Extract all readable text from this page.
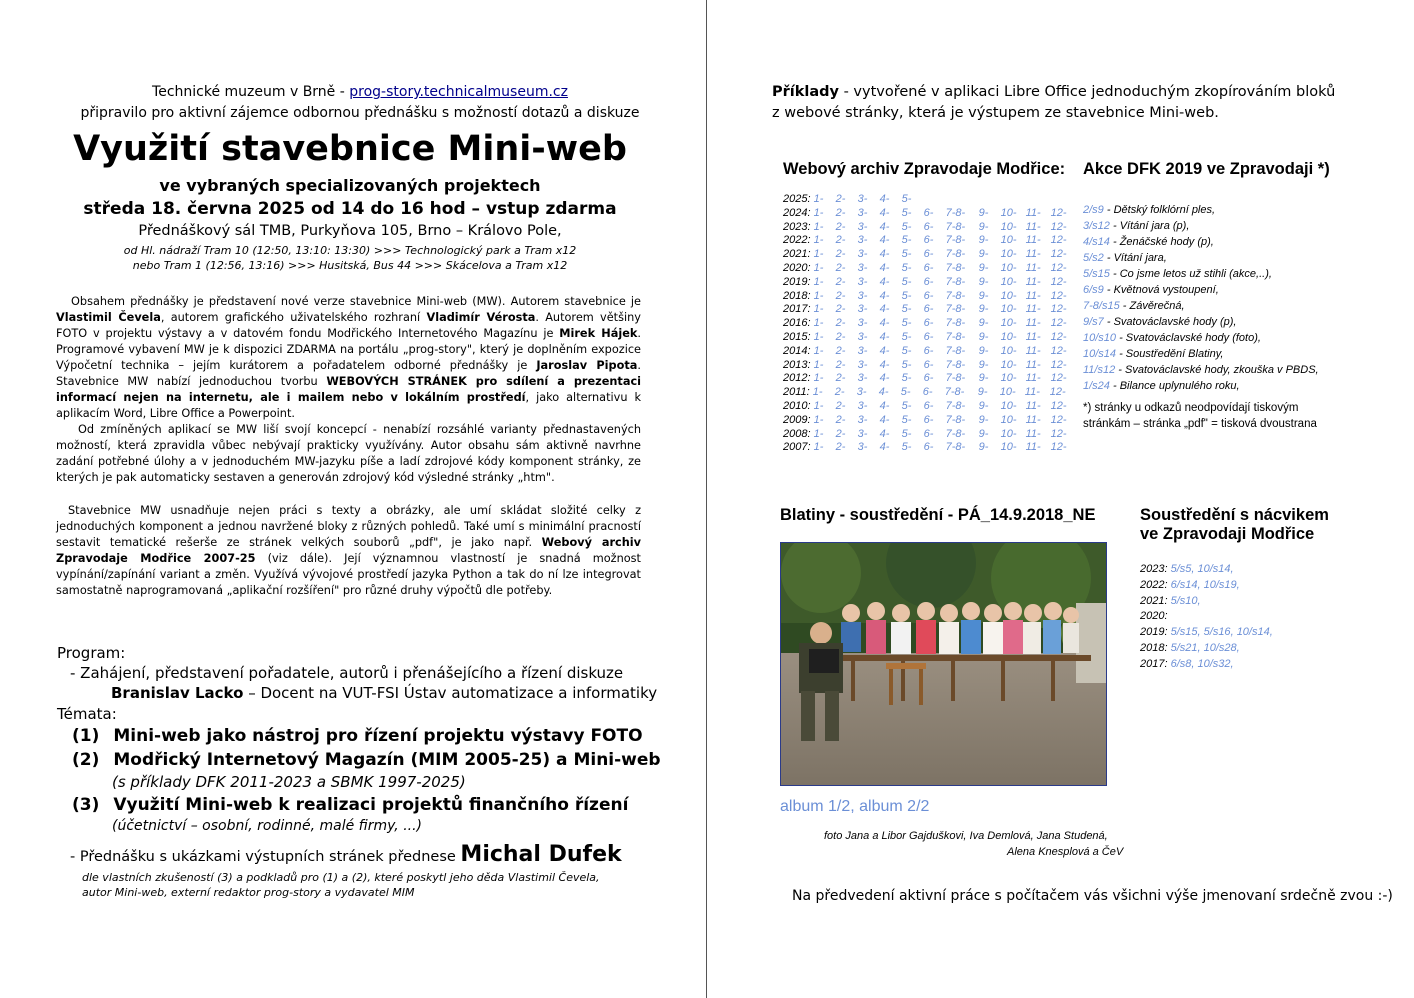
Technické muzeum v Brně - prog-story.technicalmuseum.cz
připravilo pro aktivní zájemce odbornou přednášku s možností dotazů a diskuze
Využití stavebnice Mini-web
ve vybraných specializovaných projektech
středa 18. června 2025 od 14 do 16 hod – vstup zdarma
Přednáškový sál TMB, Purkyňova 105, Brno – Královo Pole,
od Hl. nádraží Tram 10 (12:50, 13:10: 13:30) >>> Technologický park a Tram x12
nebo Tram 1 (12:56, 13:16) >>> Husitská, Bus 44 >>> Skácelova a Tram x12
Obsahem přednášky je představení nové verze stavebnice Mini-web (MW). Autorem stavebnice je Vlastimil Čevela, autorem grafického uživatelského rozhraní Vladimír Vérosta. Autorem většiny FOTO v projektu výstavy a v datovém fondu Modřického Internetového Magazínu je Mirek Hájek. Programové vybavení MW je k dispozici ZDARMA na portálu „prog-story", který je doplněním expozice Výpočetní technika – jejím kurátorem a pořadatelem odborné přednášky je Jaroslav Pipota. Stavebnice MW nabízí jednoduchou tvorbu WEBOVÝCH STRÁNEK pro sdílení a prezentaci informací nejen na internetu, ale i mailem nebo v lokálním prostředí, jako alternativu k aplikacím Word, Libre Office a Powerpoint.
Od zmíněných aplikací se MW liší svojí koncepcí - nenabízí rozsáhlé varianty přednastavených možností, která zpravidla vůbec nebývají prakticky využívány. Autor obsahu sám aktivně navrhne zadání potřebné úlohy a v jednoduchém MW-jazyku píše a ladí zdrojové kódy komponent stránky, ze kterých je pak automaticky sestaven a generován zdrojový kód výsledné stránky „htm".
Stavebnice MW usnadňuje nejen práci s texty a obrázky, ale umí skládat složité celky z jednoduchých komponent a jednou navržené bloky z různých pohledů. Také umí s minimální pracností sestavit tematické rešerše ze stránek velkých souborů „pdf", je jako např. Webový archiv Zpravodaje Modřice 2007-25 (viz dále). Její významnou vlastností je snadná možnost vypínání/zapínání variant a změn. Využívá vývojové prostředí jazyka Python a tak do ní lze integrovat samostatně naprogramovaná „aplikační rozšíření" pro různé druhy výpočtů dle potřeby.
Program:
- Zahájení, představení pořadatele, autorů i přenášejícího a řízení diskuze
Branislav Lacko – Docent na VUT-FSI Ústav automatizace a informatiky
Témata:
(1) Mini-web jako nástroj pro řízení projektu výstavy FOTO
(2) Modřický Internetový Magazín (MIM 2005-25) a Mini-web
(s příklady DFK 2011-2023 a SBMK 1997-2025)
(3) Využití Mini-web k realizaci projektů finančního řízení
(účetnictví – osobní, rodinné, malé firmy, ...)
- Přednášku s ukázkami výstupních stránek přednese Michal Dufek
dle vlastních zkušeností (3) a podkladů pro (1) a (2), které poskytl jeho děda Vlastimil Čevela,
autor Mini-web, externí redaktor prog-story a vydavatel MIM
Příklady - vytvořené v aplikaci Libre Office jednoduchým zkopírováním bloků
z webové stránky, která je výstupem ze stavebnice Mini-web.
Webový archiv Zpravodaje Modřice:
2025: 1- 2- 3- 4- 5-
2024: 1- 2- 3- 4- 5- 6- 7-8- 9- 10- 11- 12-
2023: 1- 2- 3- 4- 5- 6- 7-8- 9- 10- 11- 12-
2022: 1- 2- 3- 4- 5- 6- 7-8- 9- 10- 11- 12-
2021: 1- 2- 3- 4- 5- 6- 7-8- 9- 10- 11- 12-
2020: 1- 2- 3- 4- 5- 6- 7-8- 9- 10- 11- 12-
2019: 1- 2- 3- 4- 5- 6- 7-8- 9- 10- 11- 12-
2018: 1- 2- 3- 4- 5- 6- 7-8- 9- 10- 11- 12-
2017: 1- 2- 3- 4- 5- 6- 7-8- 9- 10- 11- 12-
2016: 1- 2- 3- 4- 5- 6- 7-8- 9- 10- 11- 12-
2015: 1- 2- 3- 4- 5- 6- 7-8- 9- 10- 11- 12-
2014: 1- 2- 3- 4- 5- 6- 7-8- 9- 10- 11- 12-
2013: 1- 2- 3- 4- 5- 6- 7-8- 9- 10- 11- 12-
2012: 1- 2- 3- 4- 5- 6- 7-8- 9- 10- 11- 12-
2011: 1- 2- 3- 4- 5- 6- 7-8- 9- 10- 11- 12-
2010: 1- 2- 3- 4- 5- 6- 7-8- 9- 10- 11- 12-
2009: 1- 2- 3- 4- 5- 6- 7-8- 9- 10- 11- 12-
2008: 1- 2- 3- 4- 5- 6- 7-8- 9- 10- 11- 12-
2007: 1- 2- 3- 4- 5- 6- 7-8- 9- 10- 11- 12-
Akce DFK 2019 ve Zpravodaji *)
2/s9 - Dětský folklórní ples,
3/s12 - Vítání jara (p),
4/s14 - Ženáčské hody (p),
5/s2 - Vítání jara,
5/s15 - Co jsme letos už stihli (akce,..),
6/s9 - Květnová vystoupení,
7-8/s15 - Závěrečná,
9/s7 - Svatováclavské hody (p),
10/s10 - Svatováclavské hody (foto),
10/s14 - Soustředění Blatiny,
11/s12 - Svatováclavské hody, zkouška v PBDS,
1/s24 - Bilance uplynulého roku,
*) stránky u odkazů neodpovídají tiskovým
stránkám – stránka „pdf" = tisková dvoustrana
Blatiny - soustředění - PÁ_14.9.2018_NE
album 1/2, album 2/2
foto Jana a Libor Gajduškovi, Iva Demlová, Jana Studená,
Alena Knesplová a ČeV
Soustředění s nácvikem
ve Zpravodaji Modřice
2023: 5/s5, 10/s14,
2022: 6/s14, 10/s19,
2021: 5/s10,
2020:
2019: 5/s15, 5/s16, 10/s14,
2018: 5/s21, 10/s28,
2017: 6/s8, 10/s32,
Na předvedení aktivní práce s počítačem vás všichni výše jmenovaní srdečně zvou :-)
